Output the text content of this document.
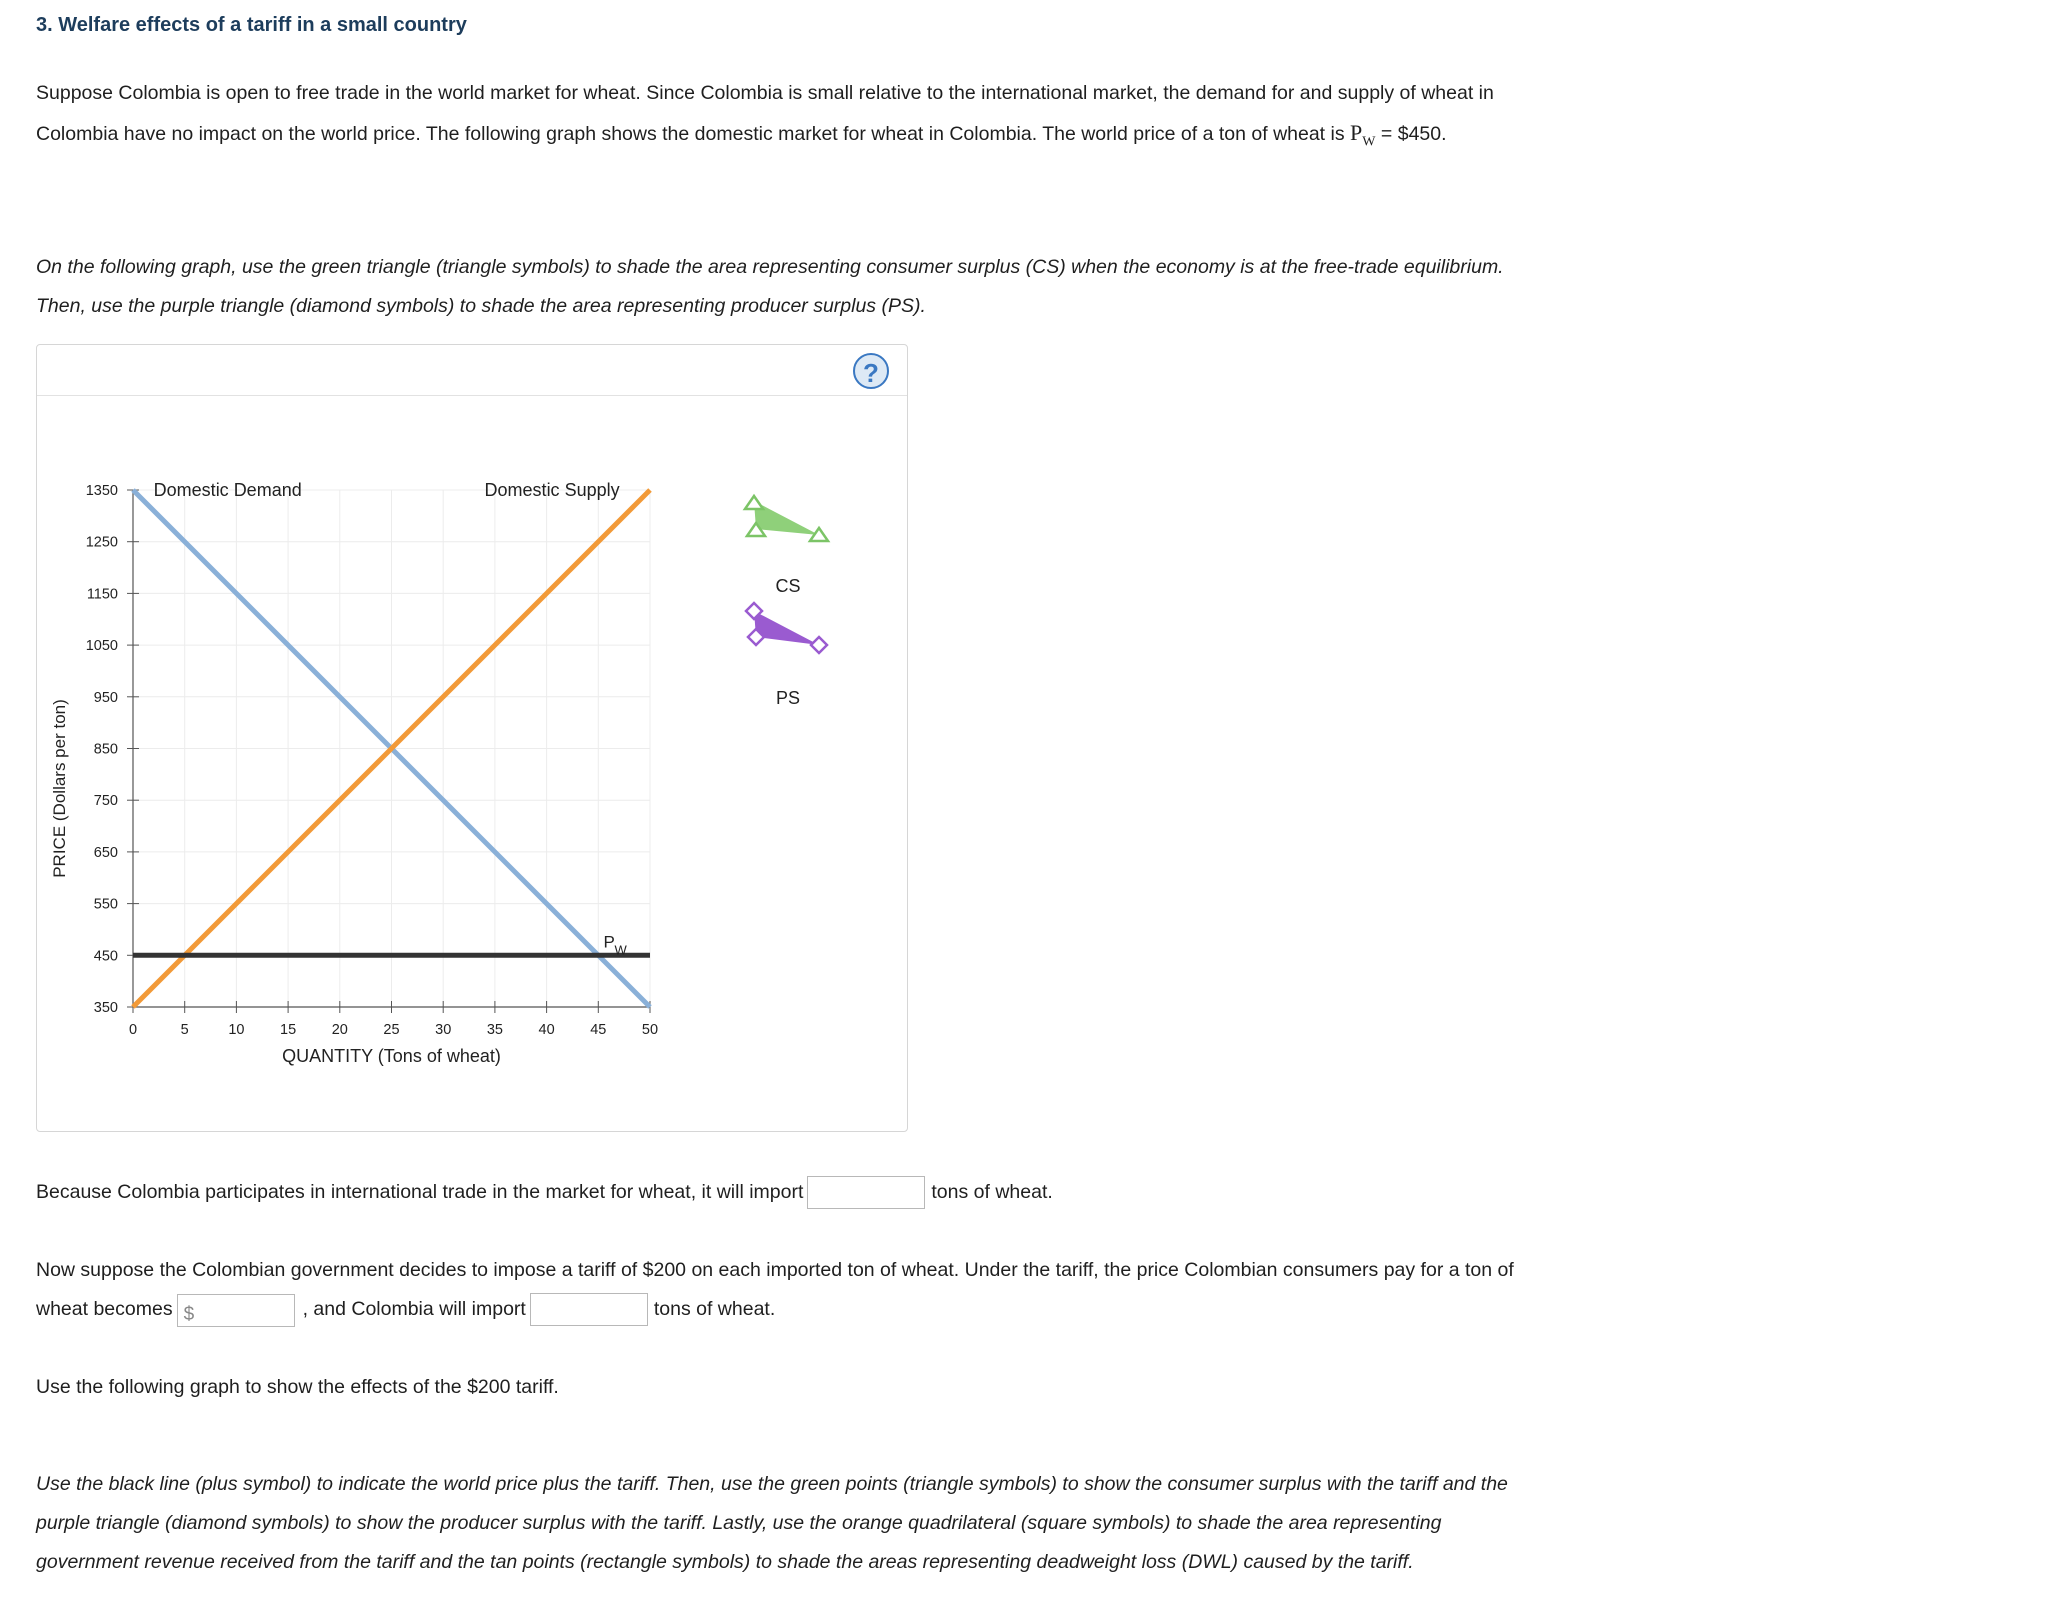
3. Welfare effects of a tariff in a small country

Suppose Colombia is open to free trade in the world market for wheat. Since Colombia is small relative to the international market, the demand for and supply of wheat in Colombia have no impact on the world price. The following graph shows the domestic market for wheat in Colombia. The world price of a ton of wheat is $P_W$ = $450.

On the following graph, use the green triangle (triangle symbols) to shade the area representing consumer surplus (CS) when the economy is at the free-trade equilibrium. Then, use the purple triangle (diamond symbols) to shade the area representing producer surplus (PS).

?
350
450
550
650
750
850
950
1050
1150
1250
1350
0	5	10 15 20 25 30 35 40 45 50
Domestic Demand	Domestic Supply
P W
PRICE (Dollars per ton)
QUANTITY (Tons of wheat)
CS
PS

Because Colombia participates in international trade in the market for wheat, it will import	tons of wheat.

Now suppose the Colombian government decides to impose a tariff of $200 on each imported ton of wheat. Under the tariff, the price Colombian consumers pay for a ton of wheat becomes $	, and Colombia will import	tons of wheat.

Use the following graph to show the effects of the $200 tariff.

Use the black line (plus symbol) to indicate the world price plus the tariff. Then, use the green points (triangle symbols) to show the consumer surplus with the tariff and the purple triangle (diamond symbols) to show the producer surplus with the tariff. Lastly, use the orange quadrilateral (square symbols) to shade the area representing government revenue received from the tariff and the tan points (rectangle symbols) to shade the areas representing deadweight loss (DWL) caused by the tariff.
